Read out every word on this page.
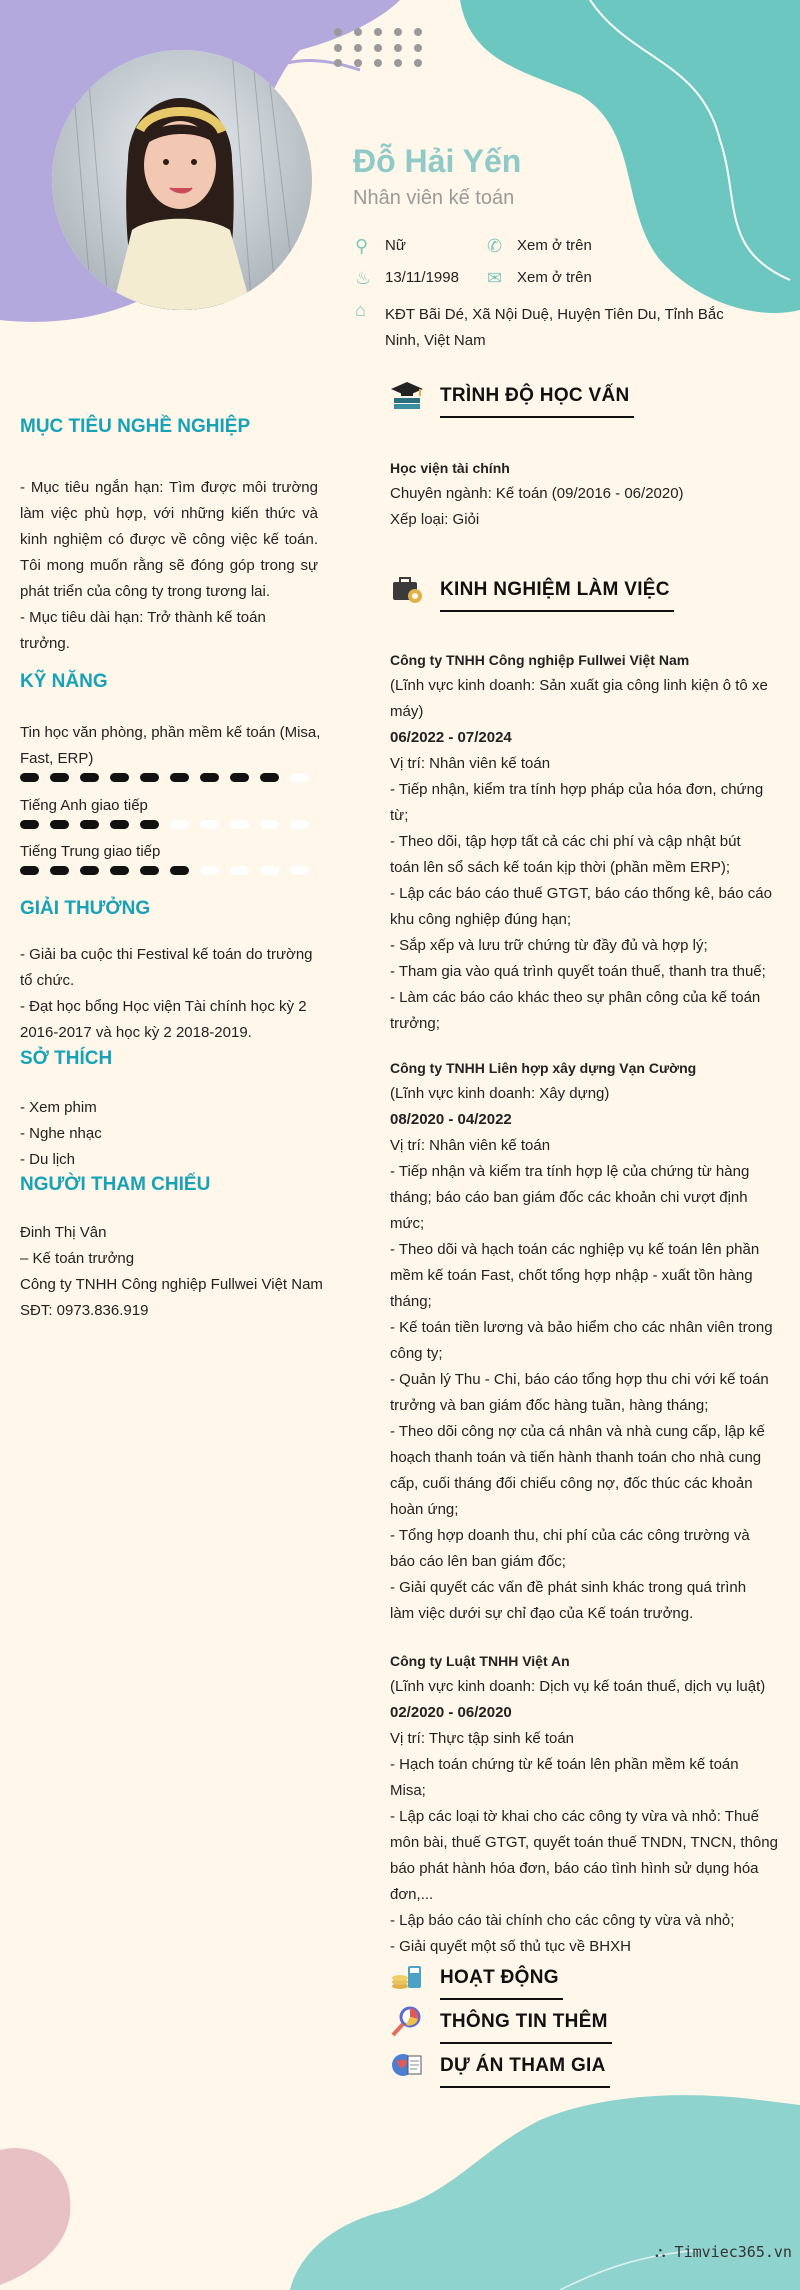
Đỗ Hải Yến
Nhân viên kế toán
⚲	Nữ	✆ Xem ở trên
♨ 13/11/1998 ✉ Xem ở trên
⌂	KĐT Bãi Dé, Xã Nội Duệ, Huyện Tiên Du, Tỉnh Bắc
Ninh, Việt Nam
MỤC TIÊU NGHỀ NGHIỆP
- Mục tiêu ngắn hạn: Tìm được môi trường
làm việc phù hợp, với những kiến thức và
kinh nghiệm có được về công việc kế toán.
Tôi mong muốn rằng sẽ đóng góp trong sự
phát triển của công ty trong tương lai.
- Mục tiêu dài hạn: Trở thành kế toán trưởng.
KỸ NĂNG
Tin học văn phòng, phần mềm kế toán (Misa,
Fast, ERP)
Tiếng Anh giao tiếp
Tiếng Trung giao tiếp
GIẢI THƯỞNG
- Giải ba cuộc thi Festival kế toán do trường
tổ chức.
- Đạt học bổng Học viện Tài chính học kỳ 2
2016-2017 và học kỳ 2 2018-2019.
SỞ THÍCH
- Xem phim
- Nghe nhạc
- Du lịch
NGƯỜI THAM CHIẾU
Đinh Thị Vân
– Kế toán trưởng
Công ty TNHH Công nghiệp Fullwei Việt Nam
SĐT: 0973.836.919
TRÌNH ĐỘ HỌC VẤN
Học viện tài chính
Chuyên ngành: Kế toán (09/2016 - 06/2020)
Xếp loại: Giỏi
KINH NGHIỆM LÀM VIỆC
Công ty TNHH Công nghiệp Fullwei Việt Nam
(Lĩnh vực kinh doanh: Sản xuất gia công linh kiện ô tô xe
máy)
06/2022 - 07/2024
Vị trí: Nhân viên kế toán
- Tiếp nhận, kiểm tra tính hợp pháp của hóa đơn, chứng
từ;
- Theo dõi, tập hợp tất cả các chi phí và cập nhật bút
toán lên sổ sách kế toán kịp thời (phần mềm ERP);
- Lập các báo cáo thuế GTGT, báo cáo thống kê, báo cáo
khu công nghiệp đúng hạn;
- Sắp xếp và lưu trữ chứng từ đầy đủ và hợp lý;
- Tham gia vào quá trình quyết toán thuế, thanh tra thuế;
- Làm các báo cáo khác theo sự phân công của kế toán
trưởng;
Công ty TNHH Liên hợp xây dựng Vạn Cường
(Lĩnh vực kinh doanh: Xây dựng)
08/2020 - 04/2022
Vị trí: Nhân viên kế toán
- Tiếp nhận và kiểm tra tính hợp lệ của chứng từ hàng
tháng; báo cáo ban giám đốc các khoản chi vượt định
mức;
- Theo dõi và hạch toán các nghiệp vụ kế toán lên phần
mềm kế toán Fast, chốt tổng hợp nhập - xuất tồn hàng
tháng;
- Kế toán tiền lương và bảo hiểm cho các nhân viên trong
công ty;
- Quản lý Thu - Chi, báo cáo tổng hợp thu chi với kế toán
trưởng và ban giám đốc hàng tuần, hàng tháng;
- Theo dõi công nợ của cá nhân và nhà cung cấp, lập kế
hoạch thanh toán và tiến hành thanh toán cho nhà cung
cấp, cuối tháng đối chiếu công nợ, đốc thúc các khoản
hoàn ứng;
- Tổng hợp doanh thu, chi phí của các công trường và
báo cáo lên ban giám đốc;
- Giải quyết các vấn đề phát sinh khác trong quá trình
làm việc dưới sự chỉ đạo của Kế toán trưởng.
Công ty Luật TNHH Việt An
(Lĩnh vực kinh doanh: Dịch vụ kế toán thuế, dịch vụ luật)
02/2020 - 06/2020
Vị trí: Thực tập sinh kế toán
- Hạch toán chứng từ kế toán lên phần mềm kế toán
Misa;
- Lập các loại tờ khai cho các công ty vừa và nhỏ: Thuế
môn bài, thuế GTGT, quyết toán thuế TNDN, TNCN, thông
báo phát hành hóa đơn, báo cáo tình hình sử dụng hóa
đơn,...
- Lập báo cáo tài chính cho các công ty vừa và nhỏ;
- Giải quyết một số thủ tục về BHXH
HOẠT ĐỘNG
THÔNG TIN THÊM
DỰ ÁN THAM GIA
⛬ Timviec365.vn
